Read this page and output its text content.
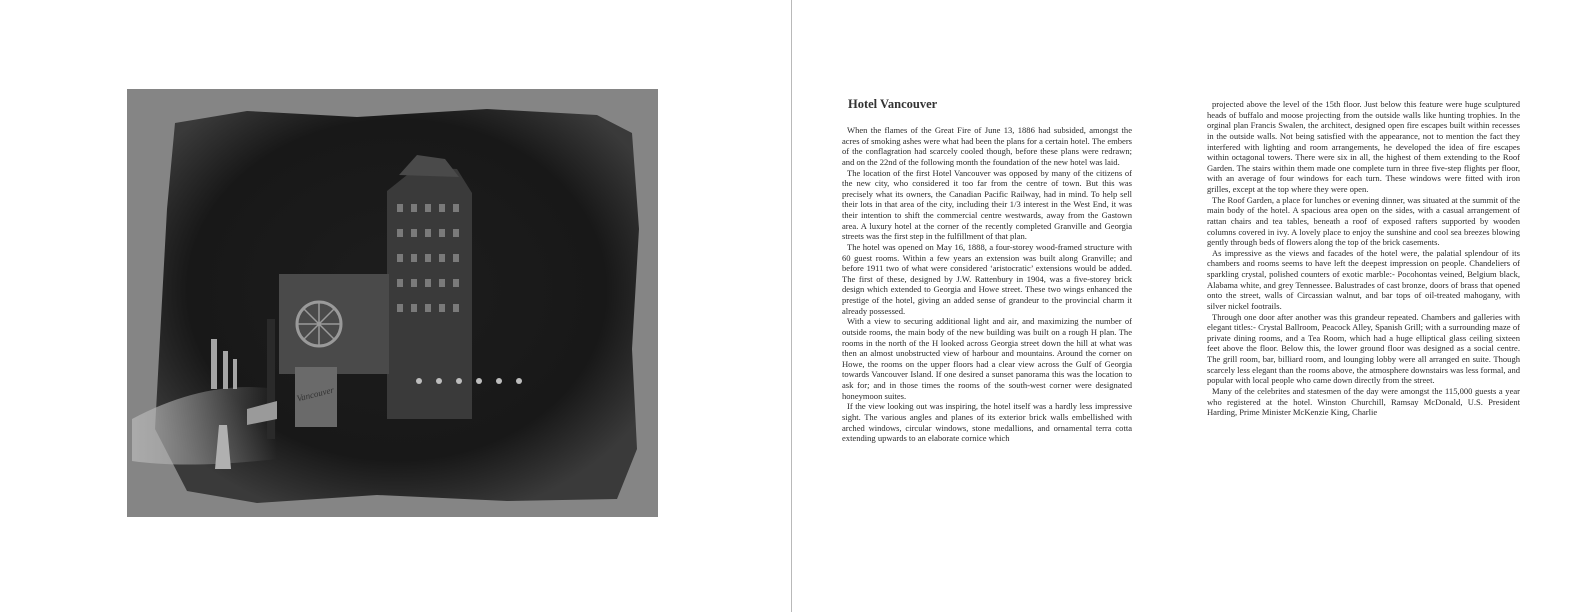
Vancouver
Hotel Vancouver

When the flames of the Great Fire of June 13, 1886 had subsided, amongst the acres of smoking ashes were what had been the plans for a certain hotel. The embers of the conflagration had scarcely cooled though, before these plans were redrawn; and on the 22nd of the following month the foundation of the new hotel was laid.

The location of the first Hotel Vancouver was opposed by many of the citizens of the new city, who considered it too far from the centre of town. But this was precisely what its owners, the Canadian Pacific Railway, had in mind. To help sell their lots in that area of the city, including their 1/3 interest in the West End, it was their intention to shift the commercial centre westwards, away from the Gastown area. A luxury hotel at the corner of the recently completed Granville and Georgia streets was the first step in the fulfillment of that plan.

The hotel was opened on May 16, 1888, a four-storey wood-framed structure with 60 guest rooms. Within a few years an extension was built along Granville; and before 1911 two of what were considered ‘aristocratic’ extensions would be added. The first of these, designed by J.W. Rattenbury in 1904, was a five-storey brick design which extended to Georgia and Howe street. These two wings enhanced the prestige of the hotel, giving an added sense of grandeur to the provincial charm it already possessed.

With a view to securing additional light and air, and maximizing the number of outside rooms, the main body of the new building was built on a rough H plan. The rooms in the north of the H looked across Georgia street down the hill at what was then an almost unobstructed view of harbour and mountains. Around the corner on Howe, the rooms on the upper floors had a clear view across the Gulf of Georgia towards Vancouver Island. If one desired a sunset panorama this was the location to ask for; and in those times the rooms of the south-west corner were designated honeymoon suites.

If the view looking out was inspiring, the hotel itself was a hardly less impressive sight. The various angles and planes of its exterior brick walls embellished with arched windows, circular windows, stone medallions, and ornamental terra cotta extending upwards to an elaborate cornice which

projected above the level of the 15th floor. Just below this feature were huge sculptured heads of buffalo and moose projecting from the outside walls like hunting trophies. In the orginal plan Francis Swalen, the architect, designed open fire escapes built within recesses in the outside walls. Not being satisfied with the appearance, not to mention the fact they interfered with lighting and room arrangements, he developed the idea of fire escapes within octagonal towers. There were six in all, the highest of them extending to the Roof Garden. The stairs within them made one complete turn in three five-step flights per floor, with an average of four windows for each turn. These windows were fitted with iron grilles, except at the top where they were open.

The Roof Garden, a place for lunches or evening dinner, was situated at the summit of the main body of the hotel. A spacious area open on the sides, with a casual arrangement of rattan chairs and tea tables, beneath a roof of exposed rafters supported by wooden columns covered in ivy. A lovely place to enjoy the sunshine and cool sea breezes blowing gently through beds of flowers along the top of the brick casements.

As impressive as the views and facades of the hotel were, the palatial splendour of its chambers and rooms seems to have left the deepest impression on people. Chandeliers of sparkling crystal, polished counters of exotic marble:- Pocohontas veined, Belgium black, Alabama white, and grey Tennessee. Balustrades of cast bronze, doors of brass that opened onto the street, walls of Circassian walnut, and bar tops of oil-treated mahogany, with silver nickel footrails.

Through one door after another was this grandeur repeated. Chambers and galleries with elegant titles:- Crystal Ballroom, Peacock Alley, Spanish Grill; with a surrounding maze of private dining rooms, and a Tea Room, which had a huge elliptical glass ceiling sixteen feet above the floor. Below this, the lower ground floor was designed as a social centre. The grill room, bar, billiard room, and lounging lobby were all arranged en suite. Though scarcely less elegant than the rooms above, the atmosphere downstairs was less formal, and popular with local people who came down directly from the street.

Many of the celebrites and statesmen of the day were amongst the 115,000 guests a year who registered at the hotel. Winston Churchill, Ramsay McDonald, U.S. President Harding, Prime Minister McKenzie King, Charlie
